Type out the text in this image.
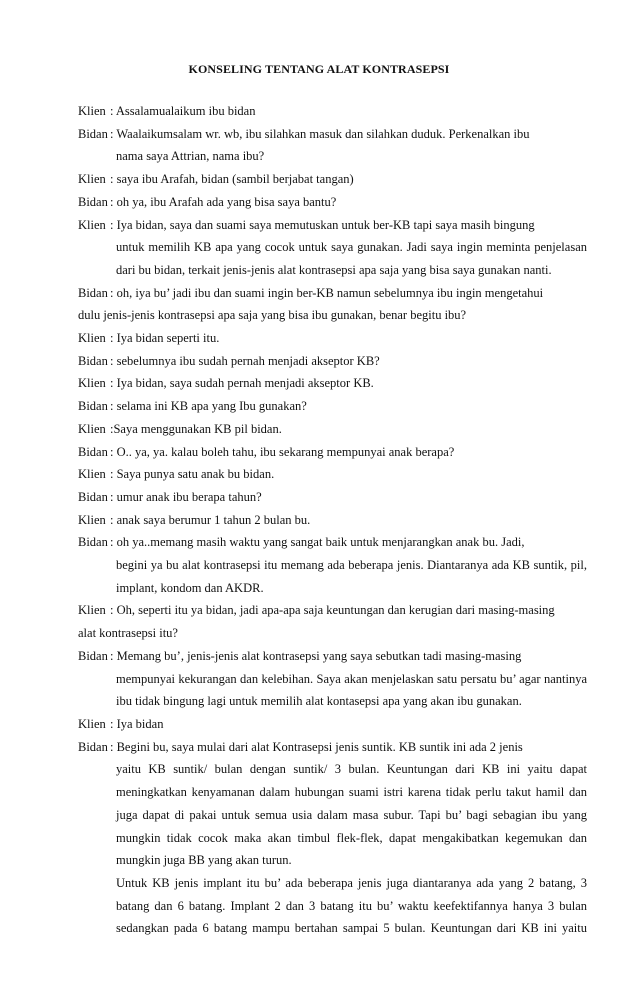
KONSELING TENTANG ALAT KONTRASEPSI
Klien : Assalamualaikum ibu bidan
Bidan : Waalaikumsalam wr. wb, ibu silahkan masuk dan silahkan duduk. Perkenalkan ibu
nama saya Attrian, nama ibu?
Klien : saya ibu Arafah, bidan (sambil berjabat tangan)
Bidan : oh ya, ibu Arafah ada yang bisa saya bantu?
Klien : Iya bidan, saya dan suami saya memutuskan untuk ber-KB tapi saya masih bingung
untuk memilih KB apa yang cocok untuk saya gunakan. Jadi saya ingin meminta penjelasan dari bu bidan, terkait jenis-jenis alat kontrasepsi apa saja yang bisa saya gunakan nanti.
Bidan : oh, iya bu’ jadi ibu dan suami ingin ber-KB namun sebelumnya ibu ingin mengetahui
dulu jenis-jenis kontrasepsi apa saja yang bisa ibu gunakan, benar begitu ibu?
Klien : Iya bidan seperti itu.
Bidan : sebelumnya ibu sudah pernah menjadi akseptor KB?
Klien : Iya bidan, saya sudah pernah menjadi akseptor KB.
Bidan : selama ini KB apa yang Ibu gunakan?
Klien :Saya menggunakan KB pil bidan.
Bidan : O.. ya, ya. kalau boleh tahu, ibu sekarang mempunyai anak berapa?
Klien : Saya punya satu anak bu bidan.
Bidan : umur anak ibu berapa tahun?
Klien : anak saya berumur 1 tahun 2 bulan bu.
Bidan : oh ya..memang masih waktu yang sangat baik untuk menjarangkan anak bu. Jadi,
begini ya bu alat kontrasepsi itu memang ada beberapa jenis. Diantaranya ada KB suntik, pil, implant, kondom dan AKDR.
Klien : Oh, seperti itu ya bidan, jadi apa-apa saja keuntungan dan kerugian dari masing-masing
alat kontrasepsi itu?
Bidan : Memang bu’, jenis-jenis alat kontrasepsi yang saya sebutkan tadi masing-masing
mempunyai kekurangan dan kelebihan. Saya akan menjelaskan satu persatu bu’ agar nantinya ibu tidak bingung lagi untuk memilih alat kontasepsi apa yang akan ibu gunakan.
Klien : Iya bidan
Bidan : Begini bu, saya mulai dari alat Kontrasepsi jenis suntik. KB suntik ini ada 2 jenis
yaitu KB suntik/ bulan dengan suntik/ 3 bulan. Keuntungan dari KB ini yaitu dapat meningkatkan kenyamanan dalam hubungan suami istri karena tidak perlu takut hamil dan juga dapat di pakai untuk semua usia dalam masa subur. Tapi bu’ bagi sebagian ibu yang mungkin tidak cocok maka akan timbul flek-flek, dapat mengakibatkan kegemukan dan mungkin juga BB yang akan turun.
Untuk KB jenis implant itu bu’ ada beberapa jenis juga diantaranya ada yang 2 batang, 3 batang dan 6 batang. Implant 2 dan 3 batang itu bu’ waktu keefektifannya hanya 3 bulan sedangkan pada 6 batang mampu bertahan sampai 5 bulan. Keuntungan dari KB ini yaitu
